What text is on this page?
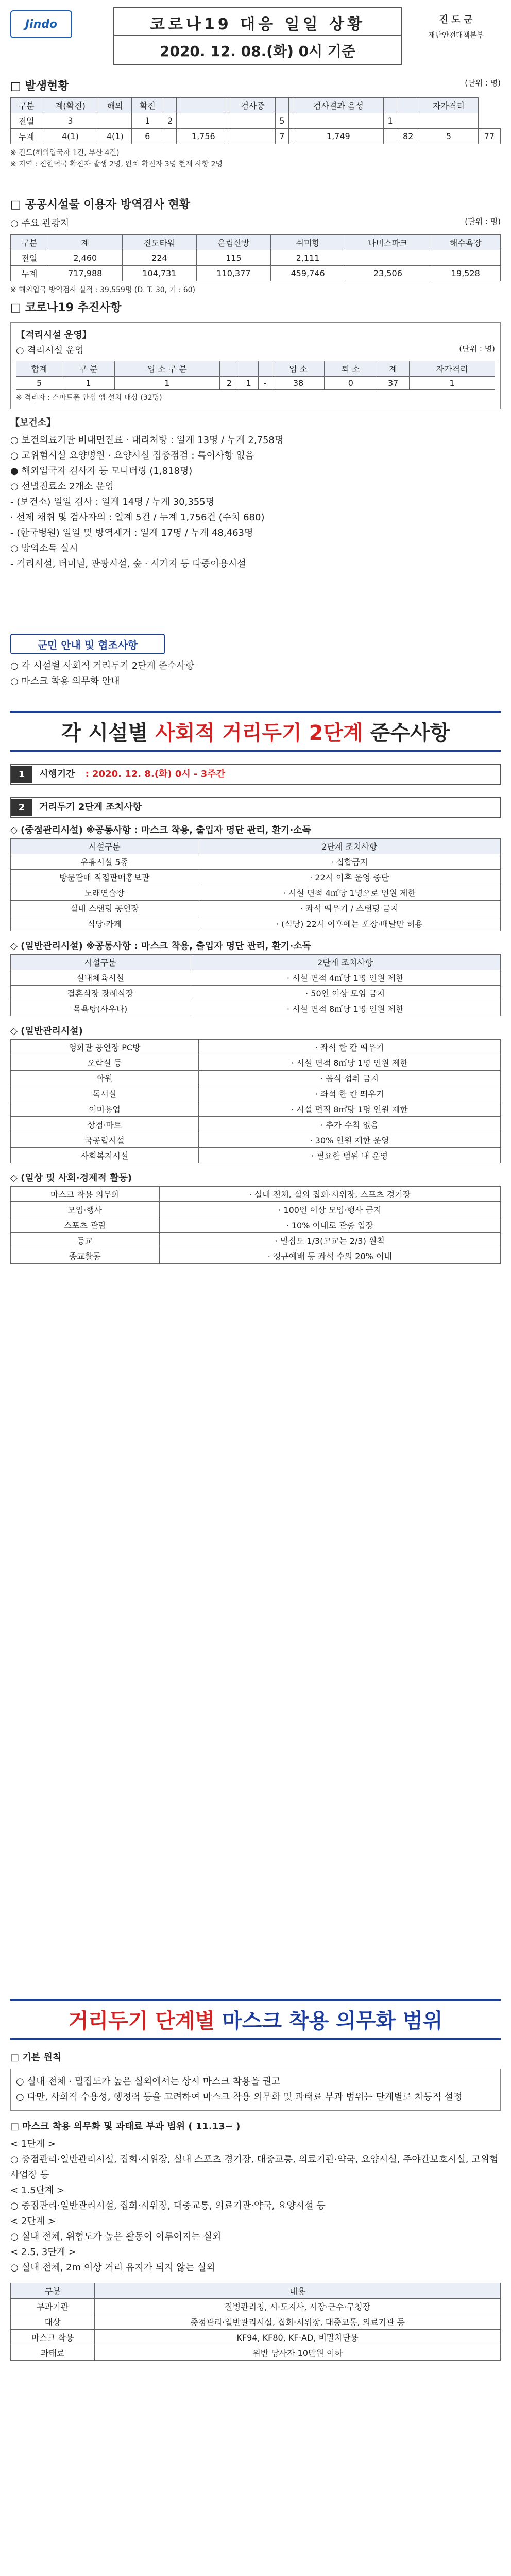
Jindo	코로나19 대응 일일 상황
2020. 12. 08.(화) 0시 기준
진 도 군
재난안전대책본부
□ 발생현황	(단위 : 명)
구분	계(확진)	해외	확진					검사중			검사결과 음성			자가격리	
전일	3		1	2					5			1			
누계	4(1)	4(1)	6			1,756			7		1,749		82	5	77
※ 진도(해외입국자 1건, 부산 4건)
※ 지역 : 진한덕국 확진자 발생 2명, 완치 확진자 3명 현재 사항 2명
□ 공공시설물 이용자 방역검사 현황
○ 주요 관광지	(단위 : 명)
구분	계	진도타워	운림산방	쉬미항	나비스파크	해수욕장
전일	2,460	224	115	2,111		
누계	717,988	104,731	110,377	459,746	23,506	19,528
※ 해외입국 방역검사 실적 : 39,559명 (D. T. 30, 기 : 60)
□ 코로나19 추진사항
【격리시설 운영】
○ 격리시설 운영	(단위 : 명)
합계	구 분	입 소 구 분				입 소	퇴 소	계	자가격리
5	1	1	2	1	-	38	0	37	1
※ 격리자 : 스마트폰 안심 앱 설치 대상 (32명)
【보건소】
○ 보건의료기관 비대면진료 · 대리처방 : 일계 13명 / 누계 2,758명
○ 고위험시설 요양병원 · 요양시설 집중점검 : 특이사항 없음
● 해외입국자 검사자 등 모니터링 (1,818명)
○ 선별진료소 2개소 운영
- (보건소) 일일 검사 : 일계 14명 / 누계 30,355명
· 선제 채취 및 검사자의 : 일계 5건 / 누계 1,756건 (수치 680)
- (한국병원) 일일 및 방역제거 : 일계 17명 / 누계 48,463명
○ 방역소독 실시
- 격리시설, 터미널, 관광시설, 숲 · 시가지 등 다중이용시설
군민 안내 및 협조사항
○ 각 시설별 사회적 거리두기 2단계 준수사항
○ 마스크 착용 의무화 안내
각 시설별 사회적 거리두기 2단계 준수사항
1	시행기간 : 2020. 12. 8.(화) 0시 - 3주간
2	거리두기 2단계 조치사항
◇ (중점관리시설) ※공통사항 : 마스크 착용, 출입자 명단 관리, 환기·소독
시설구분	2단계 조치사항
유흥시설 5종	· 집합금지
방문판매 직접판매홍보관	· 22시 이후 운영 중단
노래연습장	· 시설 면적 4㎡당 1명으로 인원 제한
실내 스탠딩 공연장	· 좌석 띄우기 / 스탠딩 금지
식당·카페	· (식당) 22시 이후에는 포장·배달만 허용
◇ (일반관리시설) ※공통사항 : 마스크 착용, 출입자 명단 관리, 환기·소독
시설구분	2단계 조치사항
실내체육시설	· 시설 면적 4㎡당 1명 인원 제한
결혼식장 장례식장	· 50인 이상 모임 금지
목욕탕(사우나)	· 시설 면적 8㎡당 1명 인원 제한
◇ (일반관리시설)
영화관 공연장 PC방	· 좌석 한 칸 띄우기
오락실 등	· 시설 면적 8㎡당 1명 인원 제한
학원	· 음식 섭취 금지
독서실	· 좌석 한 칸 띄우기
이미용업	· 시설 면적 8㎡당 1명 인원 제한
상점·마트	· 추가 수칙 없음
국공립시설	· 30% 인원 제한 운영
사회복지시설	· 필요한 범위 내 운영
◇ (일상 및 사회·경제적 활동)
마스크 착용 의무화	· 실내 전체, 실외 집회·시위장, 스포츠 경기장
모임·행사	· 100인 이상 모임·행사 금지
스포츠 관람	· 10% 이내로 관중 입장
등교	· 밀집도 1/3(고교는 2/3) 원칙
종교활동	· 정규예배 등 좌석 수의 20% 이내
거리두기 단계별 마스크 착용 의무화 범위
□ 기본 원칙
○ 실내 전체 · 밀집도가 높은 실외에서는 상시 마스크 착용을 권고
○ 다만, 사회적 수용성, 행정력 등을 고려하여 마스크 착용 의무화 및 과태료 부과 범위는 단계별로 차등적 설정
□ 마스크 착용 의무화 및 과태료 부과 범위 ( 11.13~ )
< 1단계 >
○ 중점관리·일반관리시설, 집회·시위장, 실내 스포츠 경기장, 대중교통, 의료기관·약국, 요양시설, 주야간보호시설, 고위험 사업장 등
< 1.5단계 >
○ 중점관리·일반관리시설, 집회·시위장, 대중교통, 의료기관·약국, 요양시설 등
< 2단계 >
○ 실내 전체, 위험도가 높은 활동이 이루어지는 실외
< 2.5, 3단계 >
○ 실내 전체, 2m 이상 거리 유지가 되지 않는 실외
구분	내용
부과기관	질병관리청, 시·도지사, 시장·군수·구청장
대상	중점관리·일반관리시설, 집회·시위장, 대중교통, 의료기관 등
마스크 착용	KF94, KF80, KF-AD, 비말차단용
과태료	위반 당사자 10만원 이하
